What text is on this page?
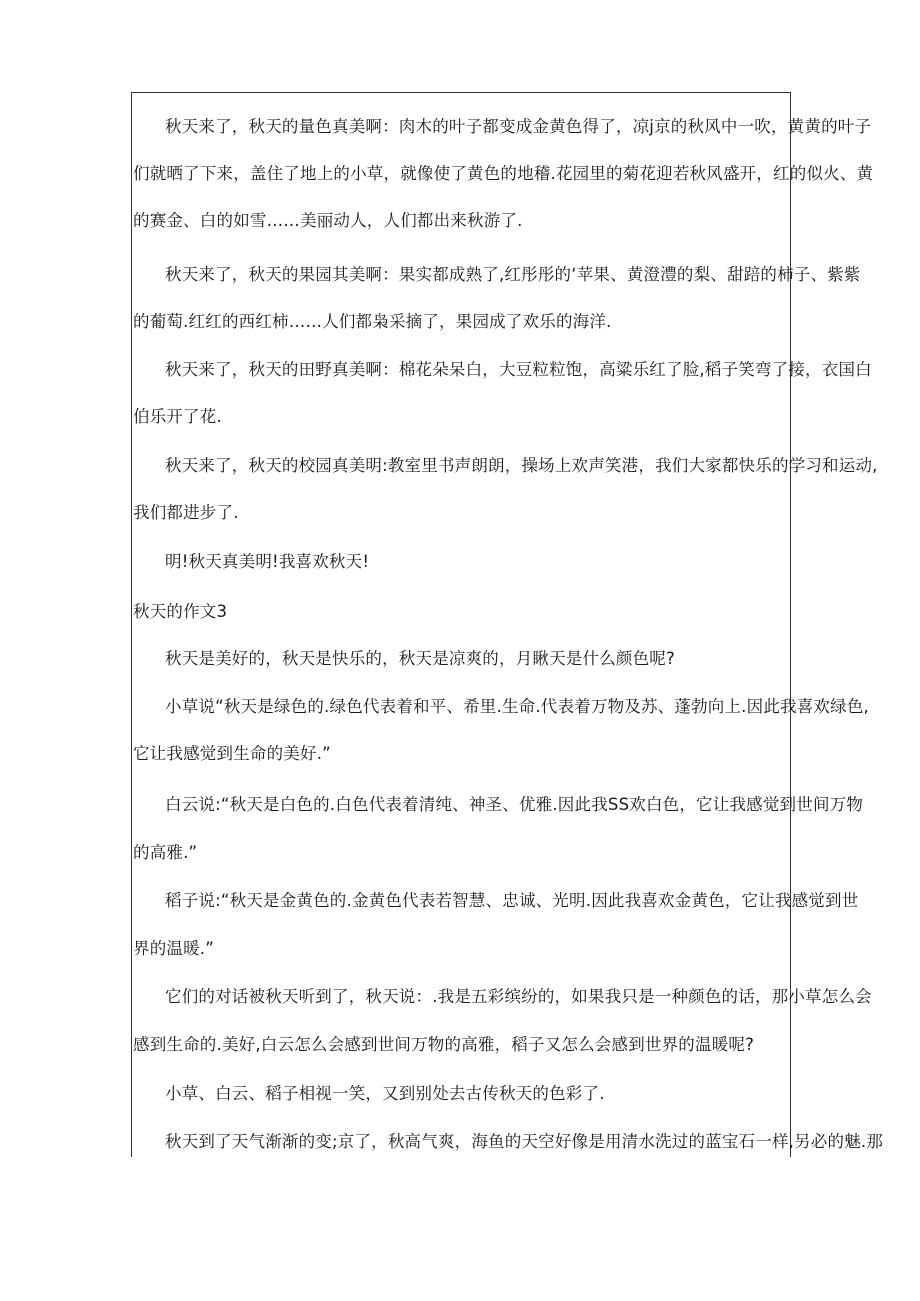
秋天来了，秋天的量色真美啊：肉木的叶子都变成金黄色得了，凉j京的秋风中一吹，黄黄的叶子
们就晒了下来，盖住了地上的小草，就像使了黄色的地稽.花园里的菊花迎若秋风盛开，红的似火、黄
的赛金、白的如雪……美丽动人，人们都出来秋游了.
秋天来了，秋天的果园其美啊：果实都成熟了,红彤彤的‘苹果、黄澄澧的梨、甜踣的柿子、紫紫
的葡萄.红红的西红柿……人们都枭采摘了，果园成了欢乐的海洋.
秋天来了，秋天的田野真美啊：棉花朵呆白，大豆粒粒饱，高粱乐红了脸,稻子笑弯了接，衣国白
伯乐开了花.
秋天来了，秋天的校园真美明:教室里书声朗朗，操场上欢声笑港，我们大家都快乐的学习和运动,
我们都进步了.
明!秋天真美明!我喜欢秋天!
秋天的作文3
秋天是美好的，秋天是快乐的，秋天是凉爽的，月瞅天是什么颜色呢?
小草说“秋天是绿色的.绿色代表着和平、希里.生命.代表着万物及苏、蓬勃向上.因此我喜欢绿色,
它让我感觉到生命的美好.”
白云说:“秋天是白色的.白色代表着清纯、神圣、优雅.因此我SS欢白色，它让我感觉到世间万物
的高雅.”
稻子说:“秋天是金黄色的.金黄色代表若智慧、忠诚、光明.因此我喜欢金黄色，它让我感觉到世
界的温暖.”
它们的对话被秋天听到了，秋天说：.我是五彩缤纷的，如果我只是一种颜色的话，那小草怎么会
感到生命的.美好,白云怎么会感到世间万物的高雅，稻子又怎么会感到世界的温暖呢?
小草、白云、稻子相视一笑，又到别处去古传秋天的色彩了.
秋天到了天气渐渐的变;京了，秋高气爽，海鱼的天空好像是用清水洗过的蓝宝石一样,另必的魅.那
